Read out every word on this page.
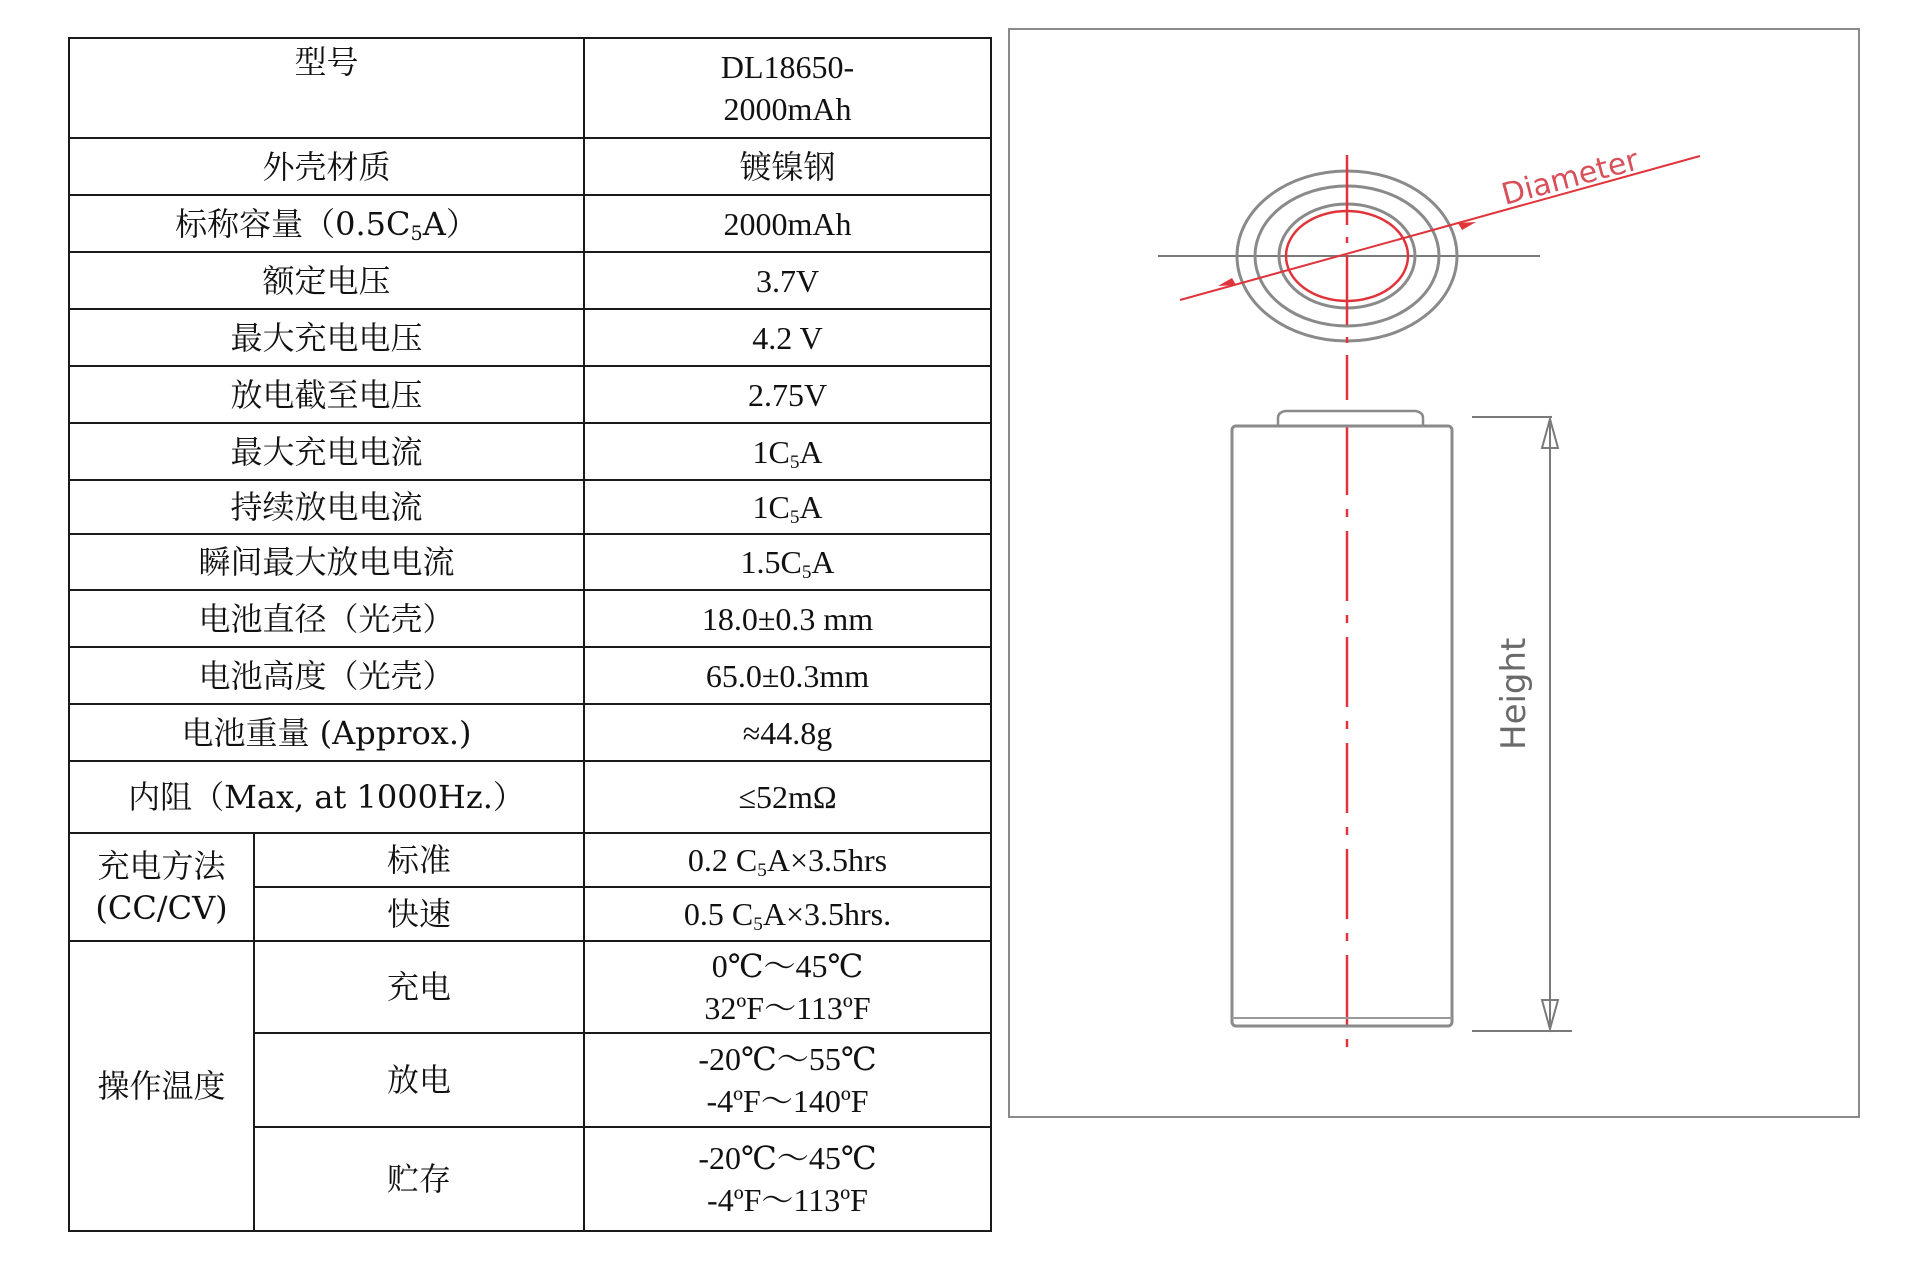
型号		DL18650-
2000mAh

外壳材质		镀镍钢
标称容量$(0.5C_5A)$		2000mAh
额定电压		3.7V
最大充电电压		4.2 V
放电截至电压		2.75V
最大充电电流		$1C_5A$
持续放电电流		$1C_5A$
瞬间最大放电电流		$1.5C_5A$
电池直径（光壳）		18.0±0.3 mm
电池高度（光壳）		65.0±0.3mm
电池重量 (Approx.)		≈44.8g
内阻（Max, at 1000Hz.）		≤52mΩ

充电方法
(CC/CV)	标准	0.2 $C_5A\times 3.5hrs$
	快速	0.5 $C_5A\times 3.5hrs$.
操作温度	充电	0℃～45℃
32ºF～113ºF

	放电	-20℃～55℃
-4ºF～140ºF

	贮存	-20℃～45℃
-4ºF～113ºF
Diameter
Height
